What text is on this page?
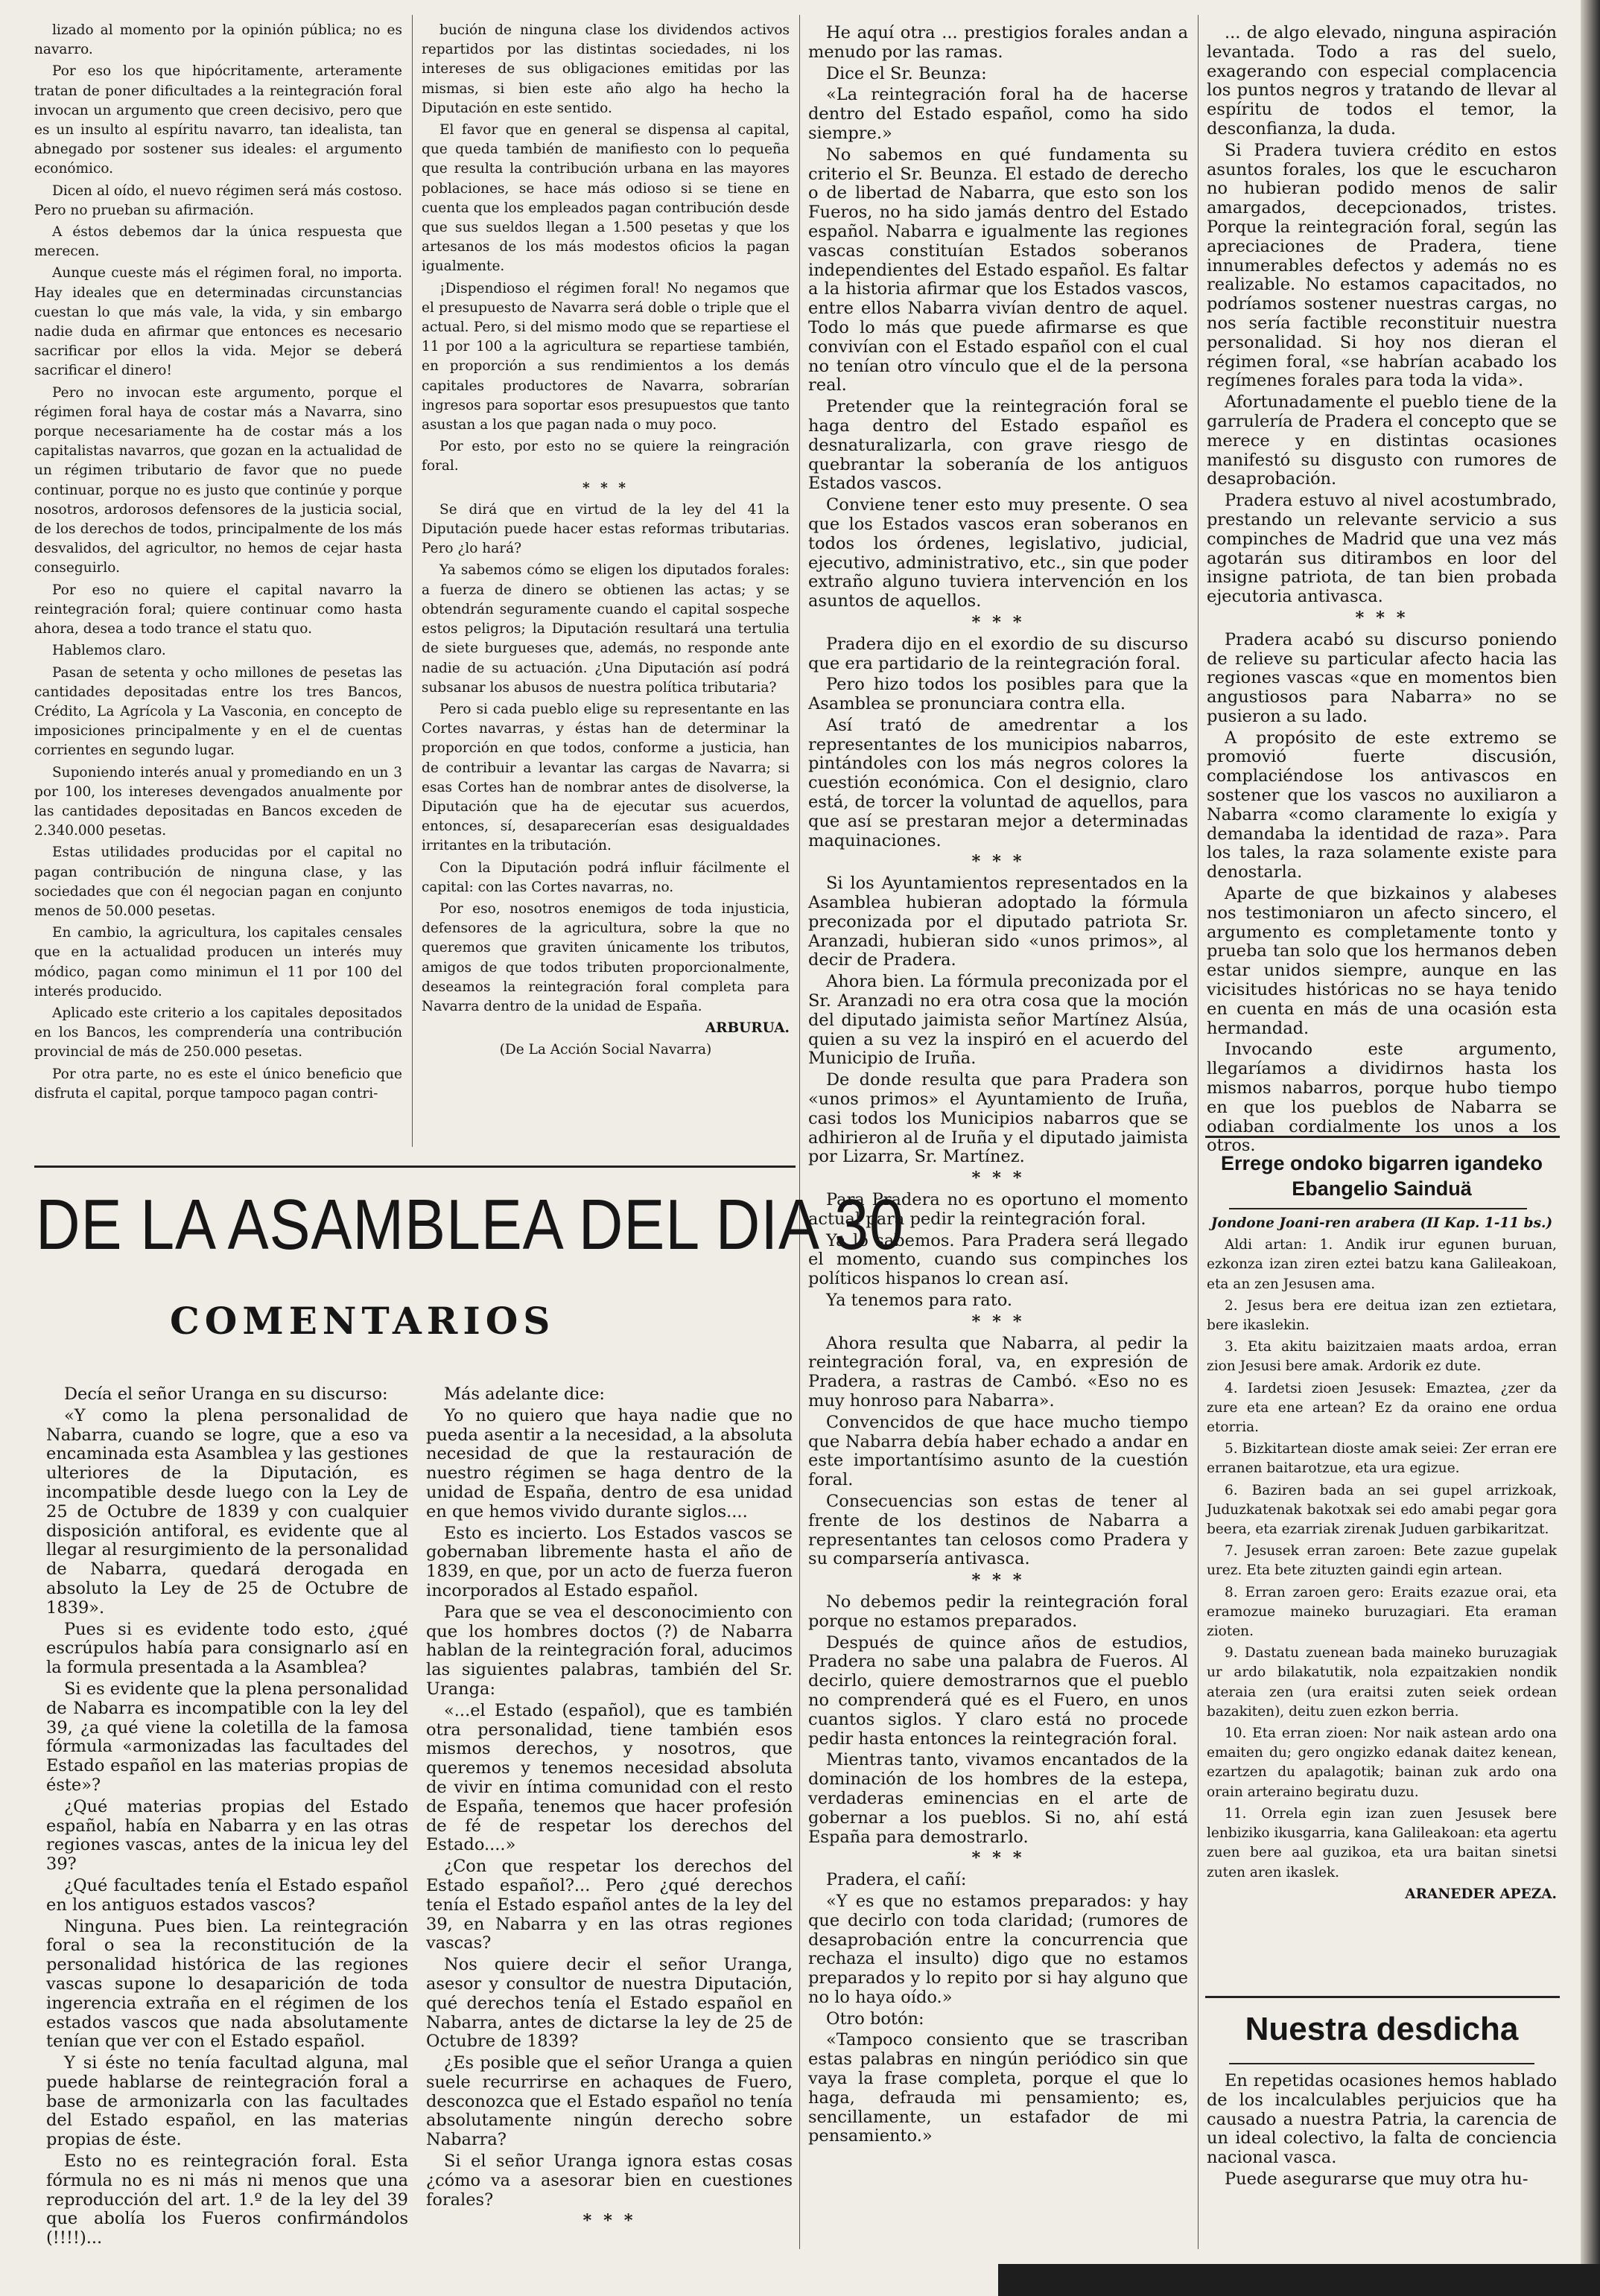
lizado al momento por la opinión pública; no es navarro.

Por eso los que hipócritamente, arteramente tratan de poner dificultades a la reintegración foral invocan un argumento que creen decisivo, pero que es un insulto al espíritu navarro, tan idealista, tan abnegado por sostener sus ideales: el argumento económico.

Dicen al oído, el nuevo régimen será más costoso. Pero no prueban su afirmación.

A éstos debemos dar la única respuesta que merecen.

Aunque cueste más el régimen foral, no importa. Hay ideales que en determinadas circunstancias cuestan lo que más vale, la vida, y sin embargo nadie duda en afirmar que entonces es necesario sacrificar por ellos la vida. Mejor se deberá sacrificar el dinero!

Pero no invocan este argumento, porque el régimen foral haya de costar más a Navarra, sino porque necesariamente ha de costar más a los capitalistas navarros, que gozan en la actualidad de un régimen tributario de favor que no puede continuar, porque no es justo que continúe y porque nosotros, ardorosos defensores de la justicia social, de los derechos de todos, principalmente de los más desvalidos, del agricultor, no hemos de cejar hasta conseguirlo.

Por eso no quiere el capital navarro la reintegración foral; quiere continuar como hasta ahora, desea a todo trance el statu quo.

Hablemos claro.

Pasan de setenta y ocho millones de pesetas las cantidades depositadas entre los tres Bancos, Crédito, La Agrícola y La Vasconia, en concepto de imposiciones principalmente y en el de cuentas corrientes en segundo lugar.

Suponiendo interés anual y promediando en un 3 por 100, los intereses devengados anualmente por las cantidades depositadas en Bancos exceden de 2.340.000 pesetas.

Estas utilidades producidas por el capital no pagan contribución de ninguna clase, y las sociedades que con él negocian pagan en conjunto menos de 50.000 pesetas.

En cambio, la agricultura, los capitales censales que en la actualidad producen un interés muy módico, pagan como minimun el 11 por 100 del interés producido.

Aplicado este criterio a los capitales depositados en los Bancos, les comprendería una contribución provincial de más de 250.000 pesetas.

Por otra parte, no es este el único beneficio que disfruta el capital, porque tampoco pagan contri-

bución de ninguna clase los dividendos activos repartidos por las distintas sociedades, ni los intereses de sus obligaciones emitidas por las mismas, si bien este año algo ha hecho la Diputación en este sentido.

El favor que en general se dispensa al capital, que queda también de manifiesto con lo pequeña que resulta la contribución urbana en las mayores poblaciones, se hace más odioso si se tiene en cuenta que los empleados pagan contribución desde que sus sueldos llegan a 1.500 pesetas y que los artesanos de los más modestos oficios la pagan igualmente.

¡Dispendioso el régimen foral! No negamos que el presupuesto de Navarra será doble o triple que el actual. Pero, si del mismo modo que se repartiese el 11 por 100 a la agricultura se repartiese también, en proporción a sus rendimientos a los demás capitales productores de Navarra, sobrarían ingresos para soportar esos presupuestos que tanto asustan a los que pagan nada o muy poco.

Por esto, por esto no se quiere la reingración foral.

* * *

Se dirá que en virtud de la ley del 41 la Diputación puede hacer estas reformas tributarias. Pero ¿lo hará?

Ya sabemos cómo se eligen los diputados forales: a fuerza de dinero se obtienen las actas; y se obtendrán seguramente cuando el capital sospeche estos peligros; la Diputación resultará una tertulia de siete burgueses que, además, no responde ante nadie de su actuación. ¿Una Diputación así podrá subsanar los abusos de nuestra política tributaria?

Pero si cada pueblo elige su representante en las Cortes navarras, y éstas han de determinar la proporción en que todos, conforme a justicia, han de contribuir a levantar las cargas de Navarra; si esas Cortes han de nombrar antes de disolverse, la Diputación que ha de ejecutar sus acuerdos, entonces, sí, desaparecerían esas desigualdades irritantes en la tributación.

Con la Diputación podrá influir fácilmente el capital: con las Cortes navarras, no.

Por eso, nosotros enemigos de toda injusticia, defensores de la agricultura, sobre la que no queremos que graviten únicamente los tributos, amigos de que todos tributen proporcionalmente, deseamos la reintegración foral completa para Navarra dentro de la unidad de España.

ARBURUA.

(De La Acción Social Navarra)

He aquí otra ... prestigios forales andan a menudo por las ramas.

Dice el Sr. Beunza:

«La reintegración foral ha de hacerse dentro del Estado español, como ha sido siempre.»

No sabemos en qué fundamenta su criterio el Sr. Beunza. El estado de derecho o de libertad de Nabarra, que esto son los Fueros, no ha sido jamás dentro del Estado español. Nabarra e igualmente las regiones vascas constituían Estados soberanos independientes del Estado español. Es faltar a la historia afirmar que los Estados vascos, entre ellos Nabarra vivían dentro de aquel. Todo lo más que puede afirmarse es que convivían con el Estado español con el cual no tenían otro vínculo que el de la persona real.

Pretender que la reintegración foral se haga dentro del Estado español es desnaturalizarla, con grave riesgo de quebrantar la soberanía de los antiguos Estados vascos.

Conviene tener esto muy presente. O sea que los Estados vascos eran soberanos en todos los órdenes, legislativo, judicial, ejecutivo, administrativo, etc., sin que poder extraño alguno tuviera intervención en los asuntos de aquellos.

* * *

Pradera dijo en el exordio de su discurso que era partidario de la reintegración foral.

Pero hizo todos los posibles para que la Asamblea se pronunciara contra ella.

Así trató de amedrentar a los representantes de los municipios nabarros, pintándoles con los más negros colores la cuestión económica. Con el designio, claro está, de torcer la voluntad de aquellos, para que así se prestaran mejor a determinadas maquinaciones.

* * *

Si los Ayuntamientos representados en la Asamblea hubieran adoptado la fórmula preconizada por el diputado patriota Sr. Aranzadi, hubieran sido «unos primos», al decir de Pradera.

Ahora bien. La fórmula preconizada por el Sr. Aranzadi no era otra cosa que la moción del diputado jaimista señor Martínez Alsúa, quien a su vez la inspiró en el acuerdo del Municipio de Iruña.

De donde resulta que para Pradera son «unos primos» el Ayuntamiento de Iruña, casi todos los Municipios nabarros que se adhirieron al de Iruña y el diputado jaimista por Lizarra, Sr. Martínez.

* * *

Para Pradera no es oportuno el momento actual para pedir la reintegración foral.

Ya lo sabemos. Para Pradera será llegado el momento, cuando sus compinches los políticos hispanos lo crean así.

Ya tenemos para rato.

* * *

Ahora resulta que Nabarra, al pedir la reintegración foral, va, en expresión de Pradera, a rastras de Cambó. «Eso no es muy honroso para Nabarra».

Convencidos de que hace mucho tiempo que Nabarra debía haber echado a andar en este importantísimo asunto de la cuestión foral.

Consecuencias son estas de tener al frente de los destinos de Nabarra a representantes tan celosos como Pradera y su comparsería antivasca.

* * *

No debemos pedir la reintegración foral porque no estamos preparados.

Después de quince años de estudios, Pradera no sabe una palabra de Fueros. Al decirlo, quiere demostrarnos que el pueblo no comprenderá qué es el Fuero, en unos cuantos siglos. Y claro está no procede pedir hasta entonces la reintegración foral.

Mientras tanto, vivamos encantados de la dominación de los hombres de la estepa, verdaderas eminencias en el arte de gobernar a los pueblos. Si no, ahí está España para demostrarlo.

* * *

Pradera, el cañí:

«Y es que no estamos preparados: y hay que decirlo con toda claridad; (rumores de desaprobación entre la concurrencia que rechaza el insulto) digo que no estamos preparados y lo repito por si hay alguno que no lo haya oído.»

Otro botón:

«Tampoco consiento que se trascriban estas palabras en ningún periódico sin que vaya la frase completa, porque el que lo haga, defrauda mi pensamiento; es, sencillamente, un estafador de mi pensamiento.»

... de algo elevado, ninguna aspiración levantada. Todo a ras del suelo, exagerando con especial complacencia los puntos negros y tratando de llevar al espíritu de todos el temor, la desconfianza, la duda.

Si Pradera tuviera crédito en estos asuntos forales, los que le escucharon no hubieran podido menos de salir amargados, decepcionados, tristes. Porque la reintegración foral, según las apreciaciones de Pradera, tiene innumerables defectos y además no es realizable. No estamos capacitados, no podríamos sostener nuestras cargas, no nos sería factible reconstituir nuestra personalidad. Si hoy nos dieran el régimen foral, «se habrían acabado los regímenes forales para toda la vida».

Afortunadamente el pueblo tiene de la garrulería de Pradera el concepto que se merece y en distintas ocasiones manifestó su disgusto con rumores de desaprobación.

Pradera estuvo al nivel acostumbrado, prestando un relevante servicio a sus compinches de Madrid que una vez más agotarán sus ditirambos en loor del insigne patriota, de tan bien probada ejecutoria antivasca.

* * *

Pradera acabó su discurso poniendo de relieve su particular afecto hacia las regiones vascas «que en momentos bien angustiosos para Nabarra» no se pusieron a su lado.

A propósito de este extremo se promovió fuerte discusión, complaciéndose los antivascos en sostener que los vascos no auxiliaron a Nabarra «como claramente lo exigía y demandaba la identidad de raza». Para los tales, la raza solamente existe para denostarla.

Aparte de que bizkainos y alabeses nos testimoniaron un afecto sincero, el argumento es completamente tonto y prueba tan solo que los hermanos deben estar unidos siempre, aunque en las vicisitudes históricas no se haya tenido en cuenta en más de una ocasión esta hermandad.

Invocando este argumento, llegaríamos a dividirnos hasta los mismos nabarros, porque hubo tiempo en que los pueblos de Nabarra se odiaban cordialmente los unos a los otros.

DE LA ASAMBLEA DEL DIA 30
COMENTARIOS

Decía el señor Uranga en su discurso:

«Y como la plena personalidad de Nabarra, cuando se logre, que a eso va encaminada esta Asamblea y las gestiones ulteriores de la Diputación, es incompatible desde luego con la Ley de 25 de Octubre de 1839 y con cualquier disposición antiforal, es evidente que al llegar al resurgimiento de la personalidad de Nabarra, quedará derogada en absoluto la Ley de 25 de Octubre de 1839».

Pues si es evidente todo esto, ¿qué escrúpulos había para consignarlo así en la formula presentada a la Asamblea?

Si es evidente que la plena personalidad de Nabarra es incompatible con la ley del 39, ¿a qué viene la coletilla de la famosa fórmula «armonizadas las facultades del Estado español en las materias propias de éste»?

¿Qué materias propias del Estado español, había en Nabarra y en las otras regiones vascas, antes de la inicua ley del 39?

¿Qué facultades tenía el Estado español en los antiguos estados vascos?

Ninguna. Pues bien. La reintegración foral o sea la reconstitución de la personalidad histórica de las regiones vascas supone lo desaparición de toda ingerencia extraña en el régimen de los estados vascos que nada absolutamente tenían que ver con el Estado español.

Y si éste no tenía facultad alguna, mal puede hablarse de reintegración foral a base de armonizarla con las facultades del Estado español, en las materias propias de éste.

Esto no es reintegración foral. Esta fórmula no es ni más ni menos que una reproducción del art. 1.º de la ley del 39 que abolía los Fueros confirmándolos (!!!!)...

Más adelante dice:

Yo no quiero que haya nadie que no pueda asentir a la necesidad, a la absoluta necesidad de que la restauración de nuestro régimen se haga dentro de la unidad de España, dentro de esa unidad en que hemos vivido durante siglos....

Esto es incierto. Los Estados vascos se gobernaban libremente hasta el año de 1839, en que, por un acto de fuerza fueron incorporados al Estado español.

Para que se vea el desconocimiento con que los hombres doctos (?) de Nabarra hablan de la reintegración foral, aducimos las siguientes palabras, también del Sr. Uranga:

«...el Estado (español), que es también otra personalidad, tiene también esos mismos derechos, y nosotros, que queremos y tenemos necesidad absoluta de vivir en íntima comunidad con el resto de España, tenemos que hacer profesión de fé de respetar los derechos del Estado....»

¿Con que respetar los derechos del Estado español?... Pero ¿qué derechos tenía el Estado español antes de la ley del 39, en Nabarra y en las otras regiones vascas?

Nos quiere decir el señor Uranga, asesor y consultor de nuestra Diputación, qué derechos tenía el Estado español en Nabarra, antes de dictarse la ley de 25 de Octubre de 1839?

¿Es posible que el señor Uranga a quien suele recurrirse en achaques de Fuero, desconozca que el Estado español no tenía absolutamente ningún derecho sobre Nabarra?

Si el señor Uranga ignora estas cosas ¿cómo va a asesorar bien en cuestiones forales?

* * *

Errege ondoko bigarren igandeko Ebangelio Sainduä

Jondone Joani-ren arabera (II Kap. 1-11 bs.)

Aldi artan: 1. Andik irur egunen buruan, ezkonza izan ziren eztei batzu kana Galileakoan, eta an zen Jesusen ama.

2. Jesus bera ere deitua izan zen eztietara, bere ikaslekin.

3. Eta akitu baizitzaien maats ardoa, erran zion Jesusi bere amak. Ardorik ez dute.

4. Iardetsi zioen Jesusek: Emaztea, ¿zer da zure eta ene artean? Ez da oraino ene ordua etorria.

5. Bizkitartean dioste amak seiei: Zer erran ere erranen baitarotzue, eta ura egizue.

6. Baziren bada an sei gupel arrizkoak, Juduzkatenak bakotxak sei edo amabi pegar gora beera, eta ezarriak zirenak Juduen garbikaritzat.

7. Jesusek erran zaroen: Bete zazue gupelak urez. Eta bete zituzten gaindi egin artean.

8. Erran zaroen gero: Eraits ezazue orai, eta eramozue maineko buruzagiari. Eta eraman zioten.

9. Dastatu zuenean bada maineko buruzagiak ur ardo bilakatutik, nola ezpaitzakien nondik ateraia zen (ura eraitsi zuten seiek ordean bazakiten), deitu zuen ezkon berria.

10. Eta erran zioen: Nor naik astean ardo ona emaiten du; gero ongizko edanak daitez kenean, ezartzen du apalagotik; bainan zuk ardo ona orain arteraino begiratu duzu.

11. Orrela egin izan zuen Jesusek bere lenbiziko ikusgarria, kana Galileakoan: eta agertu zuen bere aal guzikoa, eta ura baitan sinetsi zuten aren ikaslek.

ARANEDER APEZA.

Nuestra desdicha

En repetidas ocasiones hemos hablado de los incalculables perjuicios que ha causado a nuestra Patria, la carencia de un ideal colectivo, la falta de conciencia nacional vasca.

Puede asegurarse que muy otra hu-
